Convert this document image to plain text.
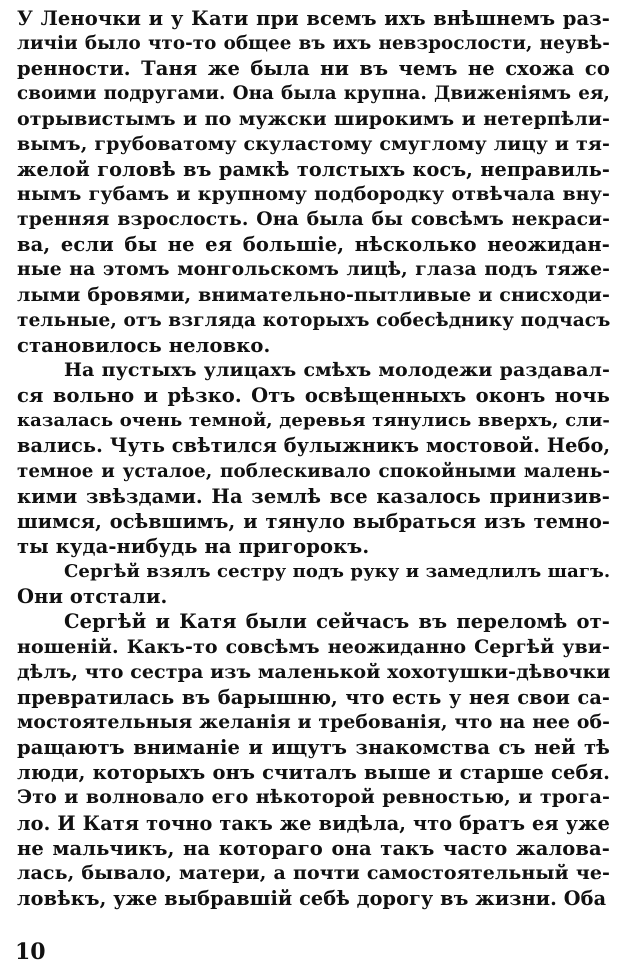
У Леночки и у Кати при всемъ ихъ внѣшнемъ раз-
личіи было что-то общее въ ихъ невзрослости, неувѣ-
ренности. Таня же была ни въ чемъ не схожа со
своими подругами. Она была крупна. Движеніямъ ея,
отрывистымъ и по мужски широкимъ и нетерпѣли-
вымъ, грубоватому скуластому смуглому лицу и тя-
желой головѣ въ рамкѣ толстыхъ косъ, неправиль-
нымъ губамъ и крупному подбородку отвѣчала вну-
тренняя взрослость. Она была бы совсѣмъ некраси-
ва, если бы не ея большіе, нѣсколько неожидан-
ные на этомъ монгольскомъ лицѣ, глаза подъ тяже-
лыми бровями, внимательно-пытливые и снисходи-
тельные, отъ взгляда которыхъ собесѣднику подчасъ
становилось неловко.
На пустыхъ улицахъ смѣхъ молодежи раздавал-
ся вольно и рѣзко. Отъ освѣщенныхъ оконъ ночь
казалась очень темной, деревья тянулись вверхъ, сли-
вались. Чуть свѣтился булыжникъ мостовой. Небо,
темное и усталое, поблескивало спокойными малень-
кими звѣздами. На землѣ все казалось принизив-
шимся, осѣвшимъ, и тянуло выбраться изъ темно-
ты куда-нибудь на пригорокъ.
Сергѣй взялъ сестру подъ руку и замедлилъ шагъ.
Они отстали.
Сергѣй и Катя были сейчасъ въ переломѣ от-
ношеній. Какъ-то совсѣмъ неожиданно Сергѣй уви-
дѣлъ, что сестра изъ маленькой хохотушки-дѣвочки
превратилась въ барышню, что есть у нея свои са-
мостоятельныя желанія и требованія, что на нее об-
ращаютъ вниманіе и ищутъ знакомства съ ней тѣ
люди, которыхъ онъ считалъ выше и старше себя.
Это и волновало его нѣкоторой ревностью, и трога-
ло. И Катя точно такъ же видѣла, что братъ ея уже
не мальчикъ, на котораго она такъ часто жалова-
лась, бывало, матери, а почти самостоятельный че-
ловѣкъ, уже выбравшій себѣ дорогу въ жизни. Оба
10
